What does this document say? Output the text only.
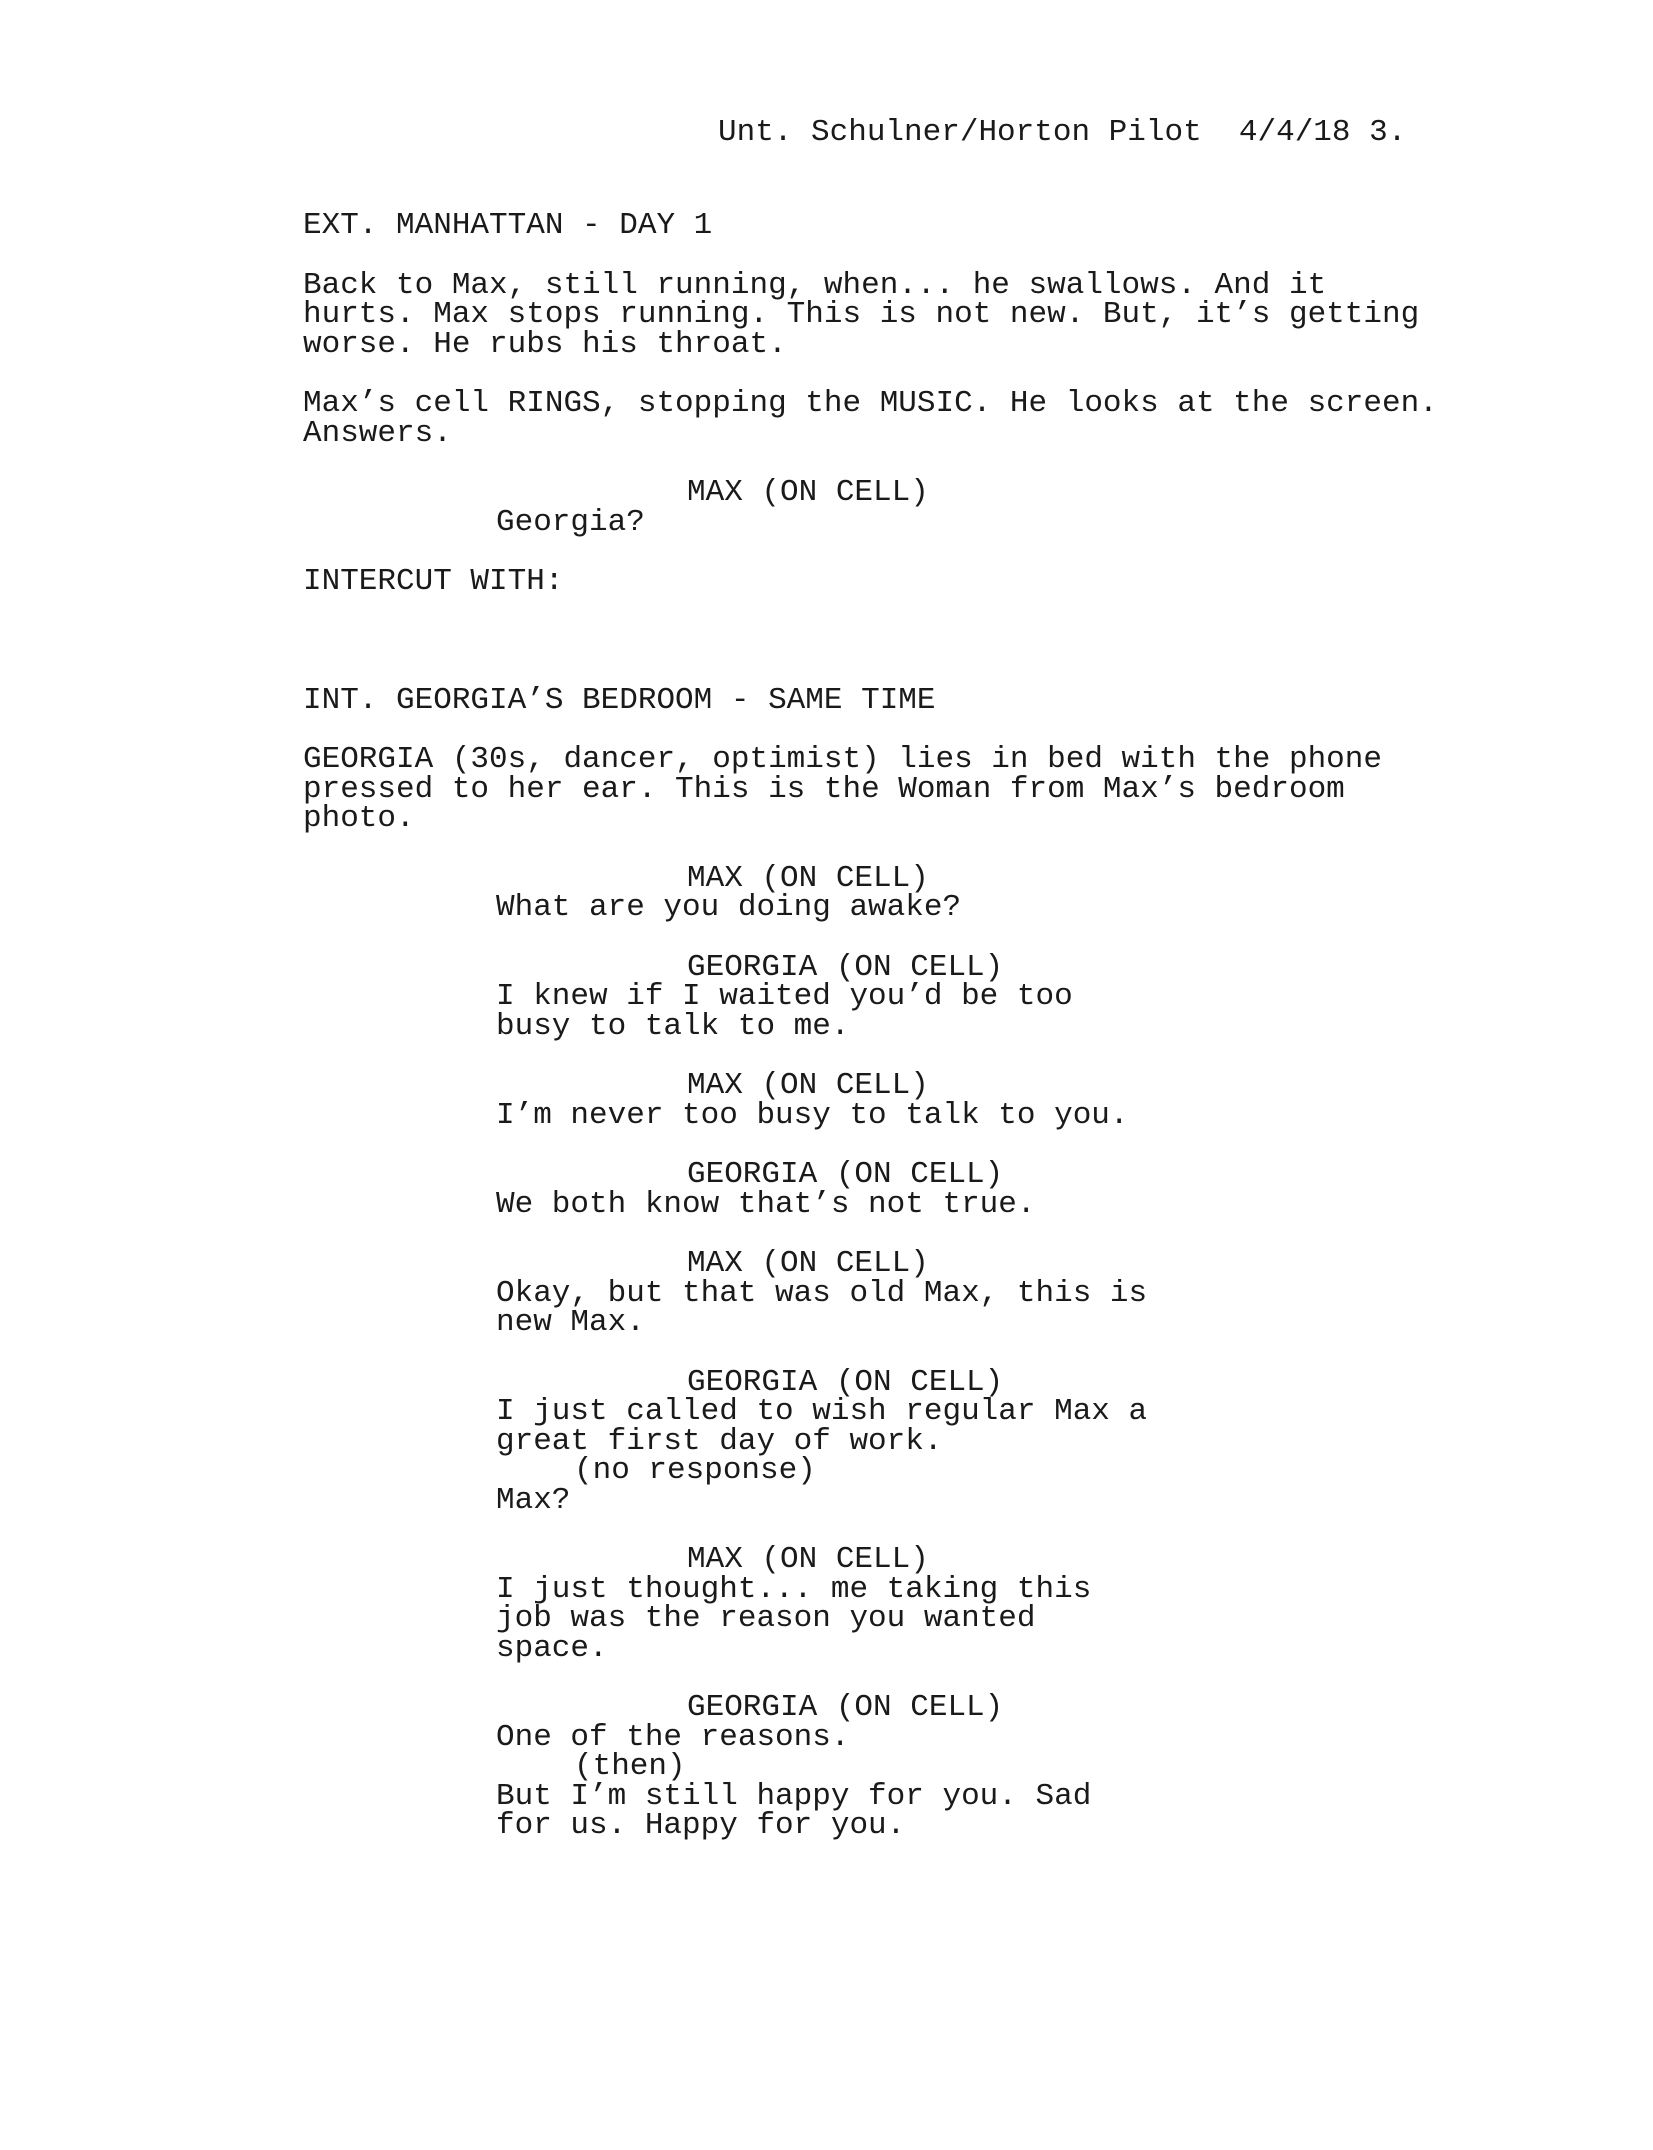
Unt. Schulner/Horton Pilot  4/4/18 3.
EXT. MANHATTAN - DAY 1
Back to Max, still running, when... he swallows. And it
hurts. Max stops running. This is not new. But, it’s getting
worse. He rubs his throat.
Max’s cell RINGS, stopping the MUSIC. He looks at the screen.
Answers.
MAX (ON CELL)
Georgia?
INTERCUT WITH:
INT. GEORGIA’S BEDROOM - SAME TIME
GEORGIA (30s, dancer, optimist) lies in bed with the phone
pressed to her ear. This is the Woman from Max’s bedroom
photo.
MAX (ON CELL)
What are you doing awake?
GEORGIA (ON CELL)
I knew if I waited you’d be too
busy to talk to me.
MAX (ON CELL)
I’m never too busy to talk to you.
GEORGIA (ON CELL)
We both know that’s not true.
MAX (ON CELL)
Okay, but that was old Max, this is
new Max.
GEORGIA (ON CELL)
I just called to wish regular Max a
great first day of work.
(no response)
Max?
MAX (ON CELL)
I just thought... me taking this
job was the reason you wanted
space.
GEORGIA (ON CELL)
One of the reasons.
(then)
But I’m still happy for you. Sad
for us. Happy for you.
